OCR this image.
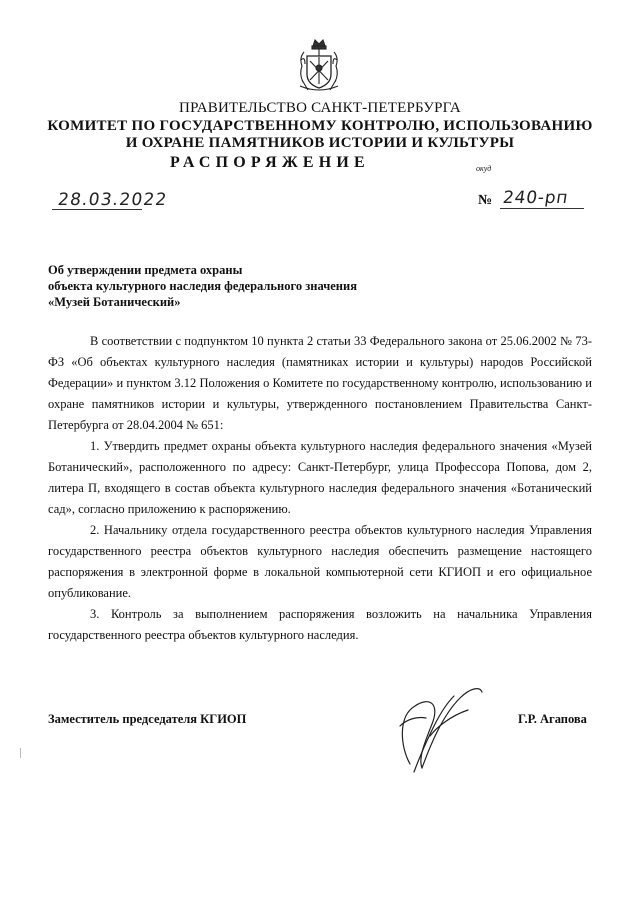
ПРАВИТЕЛЬСТВО САНКТ-ПЕТЕРБУРГА
КОМИТЕТ ПО ГОСУДАРСТВЕННОМУ КОНТРОЛЮ, ИСПОЛЬЗОВАНИЮ
И ОХРАНЕ ПАМЯТНИКОВ ИСТОРИИ И КУЛЬТУРЫ
РАСПОРЯЖЕНИЕ	окуд
28.03.2022	№ 240-рп
Об утверждении предмета охраны
объекта культурного наследия федерального значения
«Музей Ботанический»

В соответствии с подпунктом 10 пункта 2 статьи 33 Федерального закона от 25.06.2002 № 73-ФЗ «Об объектах культурного наследия (памятниках истории и культуры) народов Российской Федерации» и пунктом 3.12 Положения о Комитете по государственному контролю, использованию и охране памятников истории и культуры, утвержденного постановлением Правительства Санкт-Петербурга от 28.04.2004 № 651:

1. Утвердить предмет охраны объекта культурного наследия федерального значения «Музей Ботанический», расположенного по адресу: Санкт-Петербург, улица Профессора Попова, дом 2, литера П, входящего в состав объекта культурного наследия федерального значения «Ботанический сад», согласно приложению к распоряжению.

2. Начальнику отдела государственного реестра объектов культурного наследия Управления государственного реестра объектов культурного наследия обеспечить размещение настоящего распоряжения в электронной форме в локальной компьютерной сети КГИОП и его официальное опубликование.

3. Контроль за выполнением распоряжения возложить на начальника Управления государственного реестра объектов культурного наследия.

Заместитель председателя КГИОП	Г.Р. Агапова
